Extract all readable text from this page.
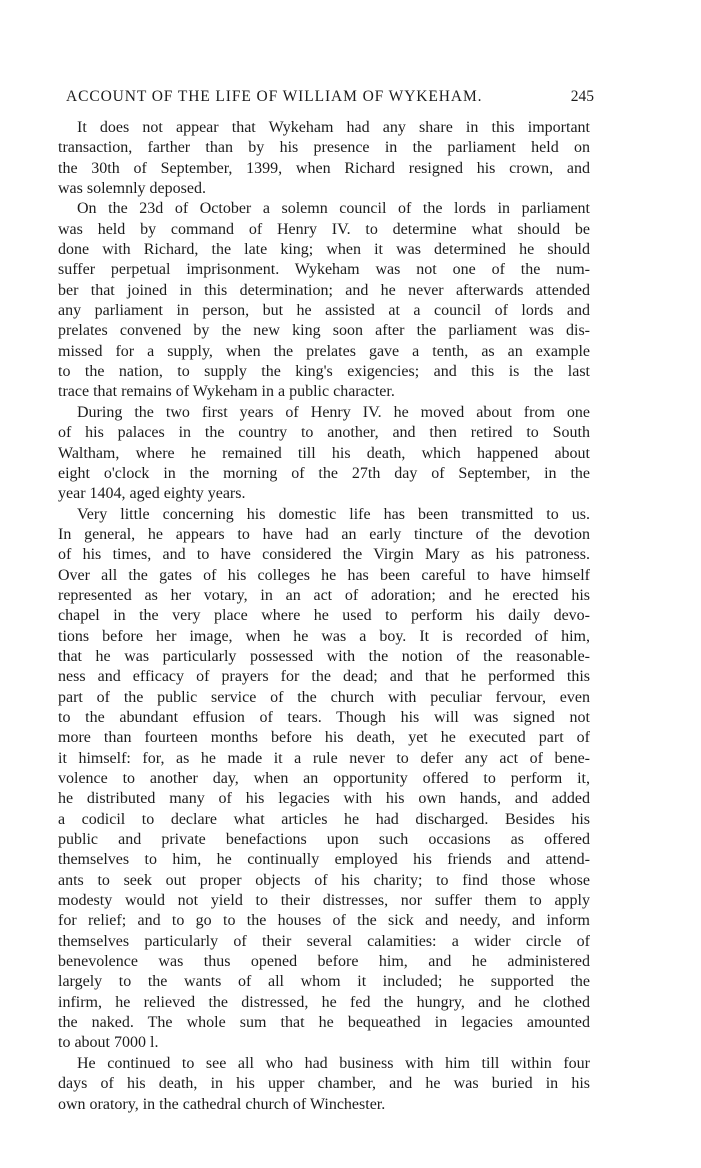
ACCOUNT OF THE LIFE OF WILLIAM OF WYKEHAM.	245
It does not appear that Wykeham had any share in this important
transaction, farther than by his presence in the parliament held on
the 30th of September, 1399, when Richard resigned his crown, and
was solemnly deposed.
On the 23d of October a solemn council of the lords in parliament
was held by command of Henry IV. to determine what should be
done with Richard, the late king; when it was determined he should
suffer perpetual imprisonment. Wykeham was not one of the num-
ber that joined in this determination; and he never afterwards attended
any parliament in person, but he assisted at a council of lords and
prelates convened by the new king soon after the parliament was dis-
missed for a supply, when the prelates gave a tenth, as an example
to the nation, to supply the king's exigencies; and this is the last
trace that remains of Wykeham in a public character.
During the two first years of Henry IV. he moved about from one
of his palaces in the country to another, and then retired to South
Waltham, where he remained till his death, which happened about
eight o'clock in the morning of the 27th day of September, in the
year 1404, aged eighty years.
Very little concerning his domestic life has been transmitted to us.
In general, he appears to have had an early tincture of the devotion
of his times, and to have considered the Virgin Mary as his patroness.
Over all the gates of his colleges he has been careful to have himself
represented as her votary, in an act of adoration; and he erected his
chapel in the very place where he used to perform his daily devo-
tions before her image, when he was a boy. It is recorded of him,
that he was particularly possessed with the notion of the reasonable-
ness and efficacy of prayers for the dead; and that he performed this
part of the public service of the church with peculiar fervour, even
to the abundant effusion of tears. Though his will was signed not
more than fourteen months before his death, yet he executed part of
it himself: for, as he made it a rule never to defer any act of bene-
volence to another day, when an opportunity offered to perform it,
he distributed many of his legacies with his own hands, and added
a codicil to declare what articles he had discharged. Besides his
public and private benefactions upon such occasions as offered
themselves to him, he continually employed his friends and attend-
ants to seek out proper objects of his charity; to find those whose
modesty would not yield to their distresses, nor suffer them to apply
for relief; and to go to the houses of the sick and needy, and inform
themselves particularly of their several calamities: a wider circle of
benevolence was thus opened before him, and he administered
largely to the wants of all whom it included; he supported the
infirm, he relieved the distressed, he fed the hungry, and he clothed
the naked. The whole sum that he bequeathed in legacies amounted
to about 7000 l.
He continued to see all who had business with him till within four
days of his death, in his upper chamber, and he was buried in his
own oratory, in the cathedral church of Winchester.
